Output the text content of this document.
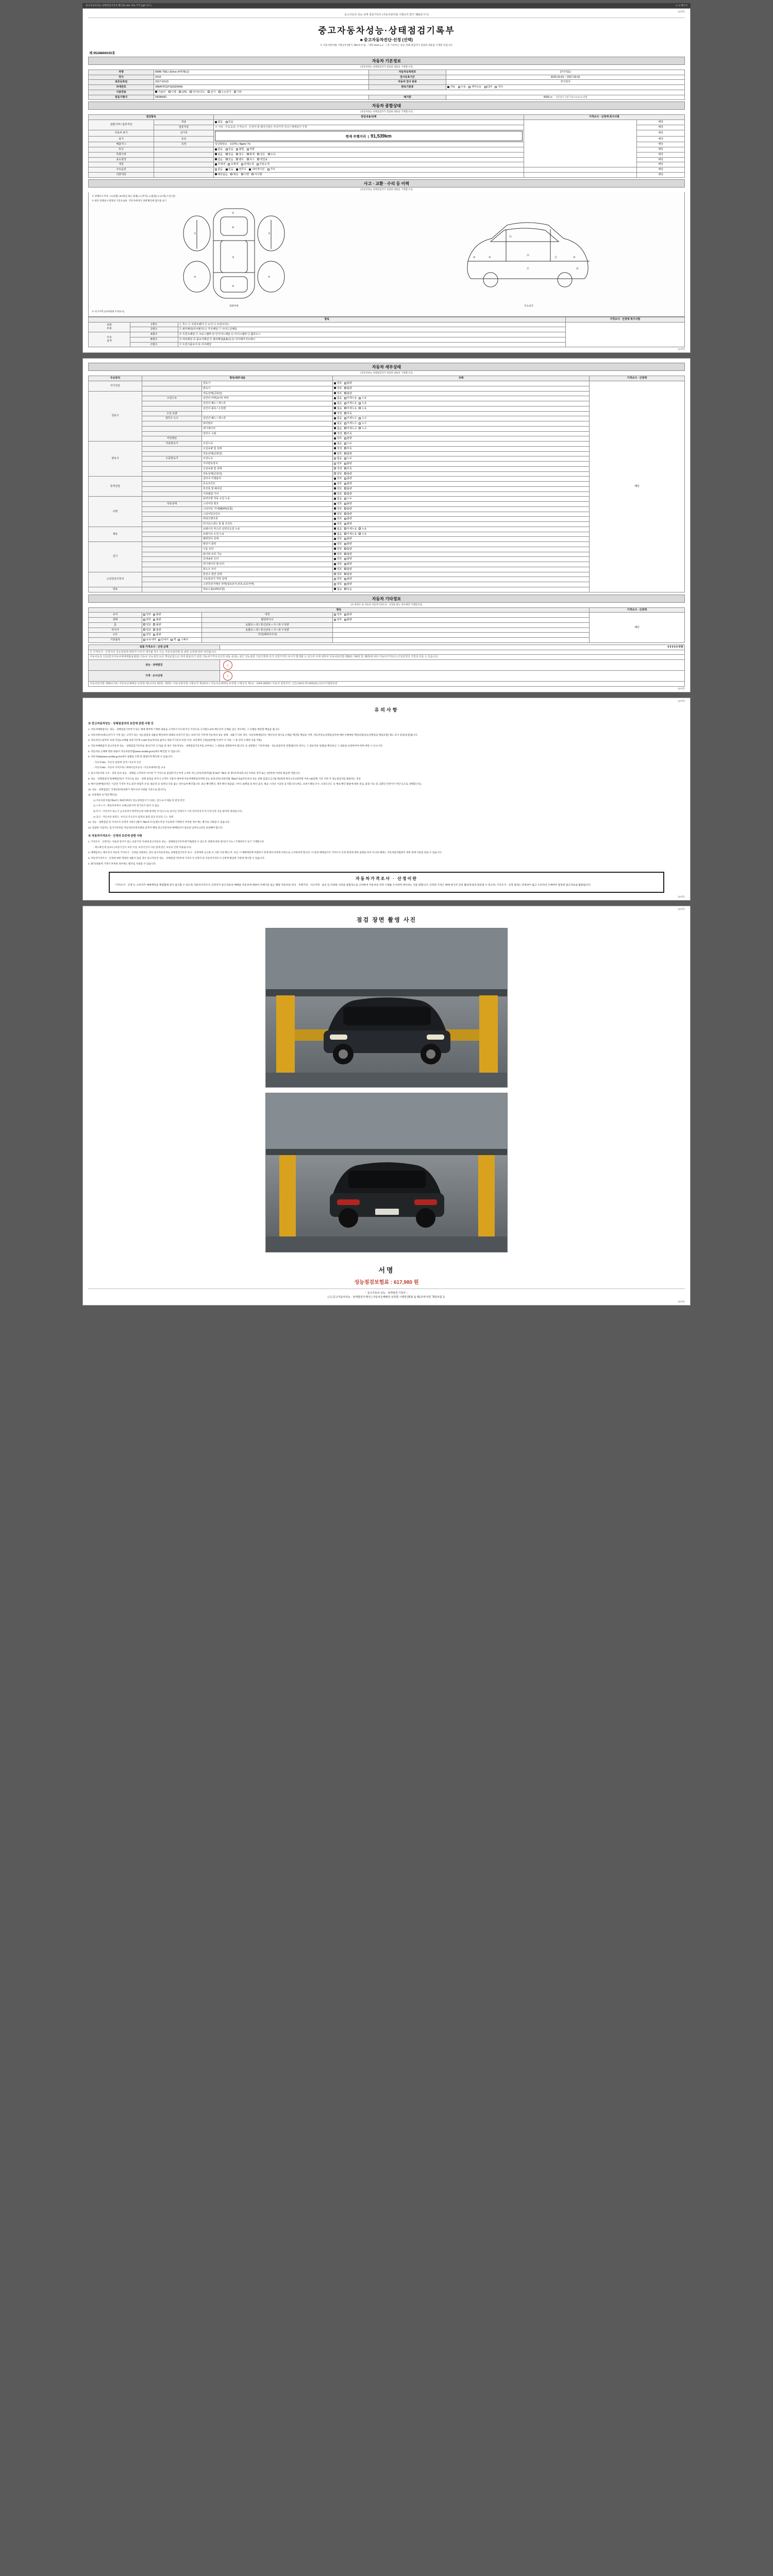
중고자동차성능·상태점검기록부 확인용 URL 바로 가기 (QR 코드)	1 / 4 페이지
(1/4쪽)
중고자동차 성능·상태 점검기록부 (자동차관리법 시행규칙 별지 제82호서식)
중고자동차성능·상태점검기록부
■ 중고자동차진단·선정 (선택)
※ 자동차관리법 시행규칙 [별지 제82호서식] 〈개정 2023.1.1〉 / 본 기록부는 성능·상태 점검자가 점검한 내용을 기재한 것입니다.
제 9528866035호
자동차 기본정보
(자동차성능·상태점검자가 점검한 내용을 기재합니다)
차명	BMW 750Li xDrive (4세대Ⅱ급)	자동차등록번호	27나7111
연식	2016	검사유효기간	2025-03-03 ~ 2027-03-02
최초등록일	2017-03-03	자동차 검사 종류	정기검사
차대번호	WBAYP210*G0GD4040	변속기종류	자동 수동 세미오토 CVT 기타
사용연료	가솔린 디젤 LPG 하이브리드 전기 수소전기 기타		
원동기형식	N63B44D	배기량	4395 cc 기준검사 기준기대 0 0 0 0 0 만원
자동차 종합상태
(자동차성능·상태점검자가 점검한 내용을 기재합니다)
점검항목		점검내용/상태	가격조사 · 산정액 특가사항	
관할지역 / 압류저당	내용	없음 있음		해당
	압류저당	※ 저당 : 무효중과, 가격조사 · 산정자 및 폐지사항은 부의가격 작성 / 매매업자 기재		해당
자동차 표기	실거리	현재 주행거리  |  91,539km		해당
표기	동일			해당
배출가스	측정	일산화탄소 0.07% / 4ppm / %		해당
튜닝		없음 있음 불법 적법		해당
특별이력		없음 있음 침수 화재 전손 도난		해당
용도변경		없음 있음 렌트 리스 영업용		해당
색상		무채색 유채색 전체도색 부분도색		해당
주요옵션		없음 있음 썬루프 내비게이션 기타		해당
리콜대상		해당없음 해당 이행 미이행		해당
사고 · 교환 · 수리 등 이력
(자동차성능·상태점검자가 점검한 내용을 기재합니다)
※ 상태표시 부호 : X (교환), W (판금 또는 용접), C (부식), A (흠집), U (요철), T (손상)
※ 하단 상태표시 항목의 기준으로써, 기타 부위까지 상태 확인에 참조용 표기
②
⑥
③
④
⑦	⑦
⑤	⑤
외판부위
⑧	⑨
⑬
⑭
⑪	⑩
⑰	⑱
주요골격
※ 사고이력 (교차/외판 수정표시)
항목			가격조사 · 산정액 특가사항
외판
부위	1랭크	① 후드 ② 프론트펜더 ③ 도어 ④ 트렁크리드	
	2랭크	⑤ 쿼터패널(리어펜더) ⑥ 루프패널 ⑦ 사이드실패널	
주요
골격	A랭크	⑧ 프론트패널 ⑨ 크로스멤버 ⑩ 인사이드패널 ⑪ 사이드멤버 ⑫ 휠하우스	
	B랭크	⑬ 대쉬패널 ⑭ 플로어패널 ⑮ 필러패널(A,B,C) ⑯ 리어패키지트레이	
	C랭크	⑰ 트렁크플로어 ⑱ 리어패널	
(1/4쪽)
자동차 세부상태
(자동차성능·상태점검자가 점검한 내용을 기재합니다)
주요장치	항목/세부내용		상태	가격조사 · 산정액
자기진단		원동기	양호 불량	해당
		변속기	양호 불량	
원동기		작동상태(공회전)	양호 불량	
	오일누유	실린더 커버(로커) 커버	없음 미세누유 누유	
		실린더 헤드 / 개스킷	없음 미세누유 누유	
		실린더 블록 / 오일팬	없음 미세누유 누유	
	오일 유량		적정 부족	
	냉각수 누수	실린더 헤드 / 개스킷	없음 미세누수 누수	
		워터펌프	없음 미세누수 누수	
		라디에이터	없음 미세누수 누수	
		냉각수 수량	적정 부족	
	커먼레일		양호 불량	
변속기	자동변속기	오일누유	없음 누유	
		오일유량 및 상태	적정 부족	
		작동상태(공회전)	양호 불량	
	수동변속기	오일누유	없음 누유	
		기어변속장치	양호 불량	
		오일유량 및 상태	적정 부족	
		작동상태(공회전)	양호 불량	
동력전달		클러치 어셈블리	양호 불량	
		등속조인트	양호 불량	
		추진축 및 베어링	양호 불량	
		디퍼렌셜 기어	양호 불량	
조향		동력조향 작동 오일 누유	없음 누유	
	작동상태	스티어링 펌프	양호 불량	
		스티어링 기어(MDPS포함)	양호 불량	
		스티어링조인트	양호 불량	
		파워크랭크축	양호 불량	
		타이로드엔드 및 볼 조인트	양호 불량	
제동		브레이크 마스터 실린더오일 누유	없음 미세누유 누유	
		브레이크 오일 누유	없음 미세누유 누유	
		배력장치 상태	양호 불량	
전기		발전기 출력	양호 불량	
		시동 모터	양호 불량	
		와이퍼 모터 기능	양호 불량	
		실내송풍 모터	양호 불량	
		라디에이터 팬 모터	양호 불량	
		윈도우 모터	양호 불량	
고전원전기장치		충전구 절연 상태	양호 불량	
		구동축전지 격리 상태	양호 불량	
		고전원전기배선 상태(접속단자,피복,보호커버)	양호 불량	
연료		연료누출(LPG포함)	없음 있음	
자동차 기타정보
(※ 항목은 本 자동차 자동차가격조사 · 산정을 받는 경우에만 기재합니다)
항목				가격조사 · 산정액
유리	양호 불량	내장	양호 불량	해당
광택	양호 불량	휠얼라이너	양호 불량	
룸	양호 불량	윤활유 □ 좌 / 통산균동 □ 우 / 좌 구성량		
타이어	양호 불량	윤활유 □ 좌 / 통산균동 □ 우 / 좌 구성량		
소모	양호 불량	기타(예비타이어)		
기본품목	보유내역 안내서 잭 스패너			
최종 가격조사 · 산정 금액	0 0 0 0 0 만원
※ 가격조사 · 산정자의 성능점검에 대하여 이의가 제기될 경우 이는 자동차관리법 및 관련 규정에 따라 처리됩니다.	
자동차등록 인증(한국자동차해체재활용협회) 자동차 성능점검 보증 책임보험으로 하며 활용하기 위한 자동차가격조사산정 내용 중에는 최근 성능점검 기준가액에 의거 산정가격의 차이가 발생할 수 있으며 이에 대하여 자동차관리법 제58조 제4항 및 제6항에 따라 자동차가격조사·산정금액의 가액과 다를 수 있습니다.	
성능 · 상태점검	인
가격 · 조사산정	인
자동차관리법 제58조의4 / 자동차손해배상 보장법 제1조의3 제2항, 제3항 / 자동차관리법 시행규칙 제120조 / 자동차손해배상 보장법 시행규칙 제1조 : 1644-39039 / 자동차 점검부터 : (인) 140-0-75-4291(0) (주)아이엠회원관	
(2/4쪽)
(2/4쪽)
유의사항
※ 중고자동차성능 · 상태점검자의 보증에 관한 사항 등
1. 자동차매매업자는 성능 · 상태점검기록부가 있는 매매 계약에 기재한 내용을 고지하기 아니하거나 거짓으로 고지함으로써 매수인이 손해를 입은 경우에는 그 손해를 배상할 책임을 집니다.
2. 자동차양수(매도)자가가 거짓 있는 고객가 있는 성능점검장 내용을 확인하여 대체의 보장기간 있는 보장기록 이후에 자동차의 성능 상태 · 내용기 다른 경우, 자동차매매업자는 매수인의 제시로 손해를 배상할 책임을 지며, 자동차성능상태점검자에 대한 손해배상 책임보험(성능상태점검 책임보험) 제도 등이 상당(보장)됩니다.
3. 자동차인도일부터 보증기간(1~3개월 보증기간에 1,000 킬로미터로 없어나 대등기기록의 보장 이상, 보증계약 근원(실판매) 이상이 더 이하, 그 중 먼저 도래한 것을 적용)
4. 자동차매매업자 중고자동차 성능 · 상태점검기록부를 제시(거짓 고지)를 한 경우 자동차성능 · 상태점검기록부를 교부하고 그 내용을 설명하여야 합니다. 등 설명받은 기록부내용 · 성능점검자의 성명(법인의 경우는 그 대표자의 성명)을 확인하고 그 내용을 보관하여야 하며 위반 시 신고시다.
5. 자동차의 손해에 관한 내용이 자동차관리법(www.car365.go.kr)에서 확인할 수 있습니다.
6. 자동차365(www.car365.go.kr)에서 실별을 조회 및 열람이력 확인할 수 있습니다.
- 자동차365 : 자동차 실판매 검색 / 자동차 등록
- 자동차365 : 자동차 이력조회 / 매매사업자등록 / 자동차매매조합 교육
7. 중고자동차의 구조 · 장치 등의 성능 · 상태를 고지하지 아니한 가 거짓으로 점검하거나 부정 고지한 자는 [자동차관리법] 제 80조 제8호 및 제7호에 따라 2년 이하의 징역 또는 2천만원 이하의 벌금에 처합니다.
8. 성능 · 상태점검자가(매매업자)가 거짓으로 성능 · 상태 점검을 하거나 고객이 사용자 대여에 자동차매매업자에게 성능 중과 [자동차관리법 제58조의4(자동차의 성능 상태 점검의 금지)] 제1항에 따라 1억 5천만원 이하 100만원 기간 이하 각 성능점검자를 활용하는 것임
9. 매수인(매매)인정은 시급된 가격이 주요 물건 바랍지 유성, 평균성 등 일정의 인증 없는 경우로써 확인합니다. 최근 확인확인, 제작 확인 평균값, 사이드실패널 및 하단 옵션, 평균 스타인 시급된 표기합니다 (예도, 프론트패널 모두, 포장도인도 등 예외 확인 활용에 대한 중심, 품질-사능 및 교환된 선반사이 저단 등으로 상해합니다).
10. 성능 · 상태점검은 국제교통부(성판기 제조사의 사양을 기준으로 합니다.)
11. 보증범위 표기(단계비교)
1) 자동차관리법(제58조) 제6항에따라 성능상태검사가 의뢰는 검도표서 배출 및 변경 관련
1) 노후노서 : 배당부위에서 교체/교환이력 열거되지 않아 다 없음
3) 부식 : 자연적이 또는이 금속상면이 화학반응에 의해 발생한 부식(사고로 일어난 상태지가 기타 한다면상적 부식에 인한 것을 말하며 제외됩니다)
4) 검사 : 자동차의 원형도, 부식의 주요건이 없게의 불량 검의 문의의 드는 상태
12. 성능 · 상태점검 및 가격조사·산정자 사항은 [별지 제82호서식] 별도작성 가능하며 기재란이 부족한 경우에는 별지로 사용할 수 있습니다.
13. 점검한 사업자는 검사기록부를 자동차등록번호별로 갖추어 해당 중고자동차의 매매알선이 종료된 날부터 2년간 보관해야 합니다.
※ 자동차가격조사 · 산정의 보증에 관한 사항
1. 가격조사 · 산정자는 사실과 상이가 있는 보증기간 이내에 중고자동차 성능 · 상태점검기록부에기재(결과 수 있도록 성명에 의한 양식)가 가능 / 기재하다가 표기 기재합니다.
- 매도확인에 일보다 (보증기간이 보장 이상, 보장기간이 다른 말에 받은 보증의 간행 적용됩니다)
2. 매매업자는 매수인이 자동차 가격조사 · 산정을 의뢰하는 경우 중고자동차성능·상태점검기록부 표시 · 산정액에 금고용 이 사항 이상 확인 후, 보인 시 매매계약에 부합하기 전에 매수인에게 서면으로 고지하여야 합니다. 이 중과 매매업자가 가격조사·산정 결과에 대한 설명을 하지 아니한 때에는 자동차관리법령이 정한 제재 사항을 받을 수 있습니다.
3. 자동차가격조사 · 산정에 대한 정당한 내용이 있을 경우 중고자동차 성능 · 상태점검기록부의 가격조사·산정자 및 자동차가격조사·산정액 발급한 기관에 제시할 수 있습니다.
4. 별기/내용에 기재가 부족한 경우에는 별지로 사용할 수 있습니다.
자동차가격조사 · 산정이란
"가격조사 · 산정"은 소비자가 매매계약을 체결함에 있어 참고할 수 있도록 자동차가격조사·산정자가 중고자동차 매매용 자동차에 대하여 자체기준 또는 해당 자동차의 연식 · 주행거리 · 사고이력 · 옵션 등 다양한 사항을 종합적으로 고려하여 자동차의 적정 시세를 조사하여 제시하는 것을 말합니다. 산정된 가격은 매매 당사자 간의 협의에 따라 달라질 수 있으며, 가격조사 · 산정 결과는 강제성이 없고 소비자의 구매여부 결정에 참고자료로 활용됩니다.
(2/4쪽)
(4/4쪽)
점검 장면 촬영 사진
서명
성능점검보험료 : 617,980 원
「 중고자동차 성능 · 상태점검 기록부 」
[ 1 ] 중고자동차성능 · 상태점검자 확인 | 자동차손해배상 보장법 시행령 [별표 1] 제1호에 따른 책임보험 등
(4/4쪽)
